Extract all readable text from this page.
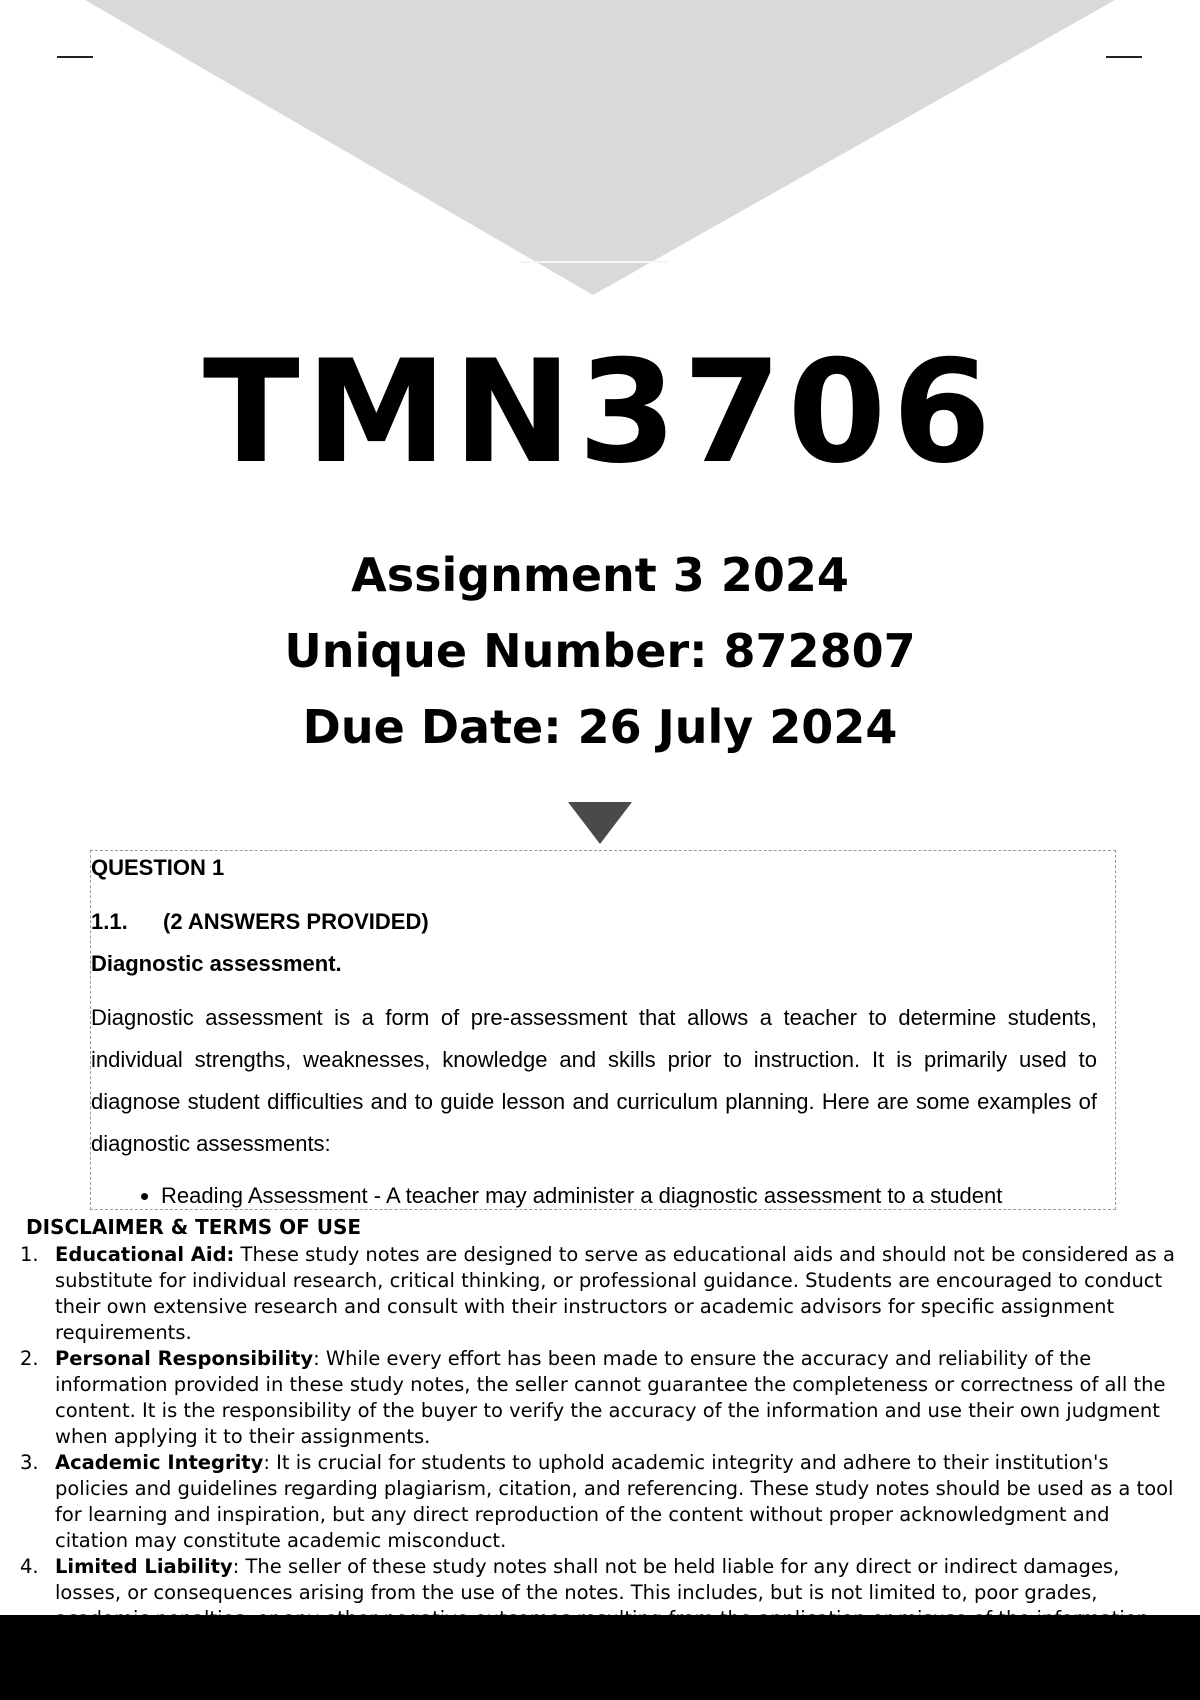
TMN3706
Assignment 3 2024
Unique Number: 872807
Due Date: 26 July 2024
QUESTION 1
1.1. (2 ANSWERS PROVIDED)
Diagnostic assessment.
Diagnostic assessment is a form of pre-assessment that allows a teacher to determine students, individual strengths, weaknesses, knowledge and skills prior to instruction. It is primarily used to diagnose student difficulties and to guide lesson and curriculum planning. Here are some examples of diagnostic assessments:
• Reading Assessment - A teacher may administer a diagnostic assessment to a student
DISCLAIMER & TERMS OF USE
1. Educational Aid: These study notes are designed to serve as educational aids and should not be considered as a substitute for individual research, critical thinking, or professional guidance. Students are encouraged to conduct their own extensive research and consult with their instructors or academic advisors for specific assignment requirements.
2. Personal Responsibility: While every effort has been made to ensure the accuracy and reliability of the information provided in these study notes, the seller cannot guarantee the completeness or correctness of all the content. It is the responsibility of the buyer to verify the accuracy of the information and use their own judgment when applying it to their assignments.
3. Academic Integrity: It is crucial for students to uphold academic integrity and adhere to their institution's policies and guidelines regarding plagiarism, citation, and referencing. These study notes should be used as a tool for learning and inspiration, but any direct reproduction of the content without proper acknowledgment and citation may constitute academic misconduct.
4. Limited Liability: The seller of these study notes shall not be held liable for any direct or indirect damages, losses, or consequences arising from the use of the notes. This includes, but is not limited to, poor grades,
